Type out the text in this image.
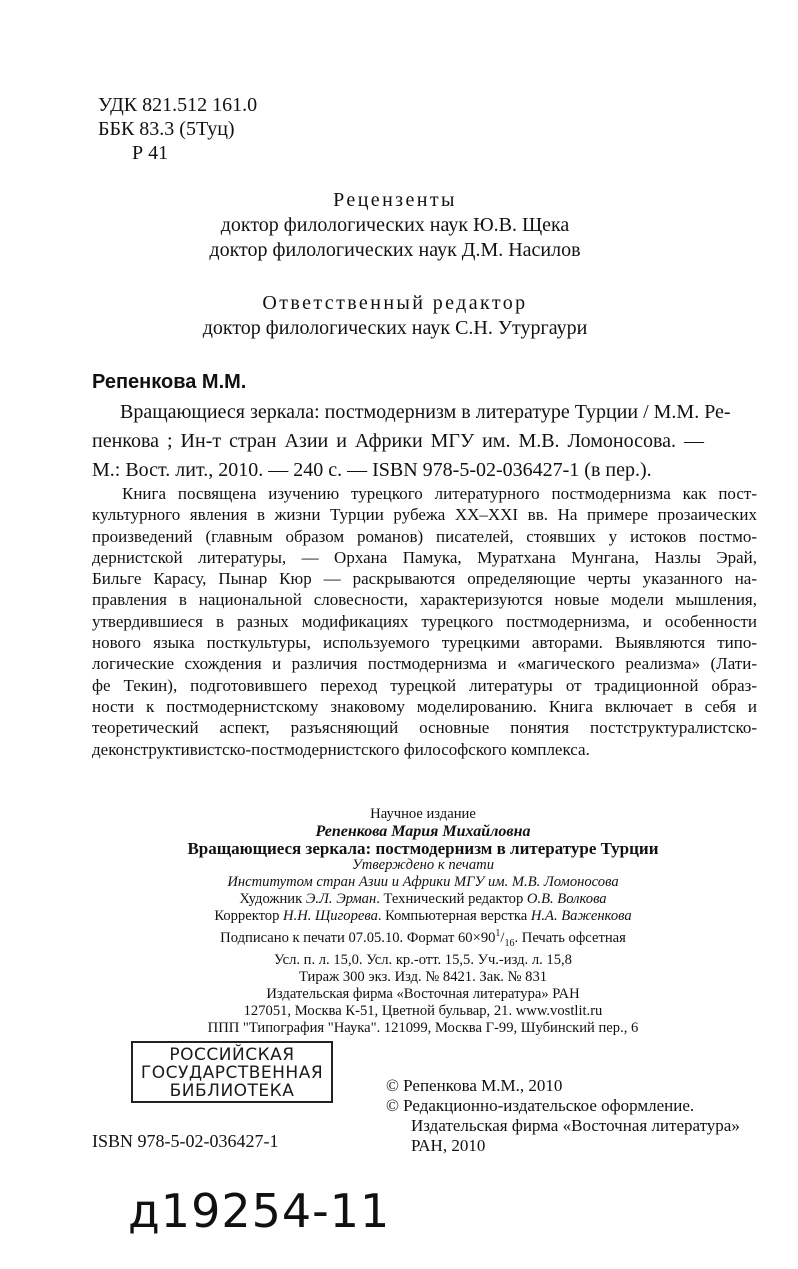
УДК 821.512 161.0
ББК 83.3 (5Туц)
Р 41
Рецензенты
доктор филологических наук Ю.В. Щека
доктор филологических наук Д.М. Насилов
Ответственный редактор
доктор филологических наук С.Н. Утургаури
Репенкова М.М.

Вращающиеся зеркала: постмодернизм в литературе Турции / М.М. Ре-

пенкова ; Ин-т стран Азии и Африки МГУ им. М.В. Ломоносова. —

М.: Вост. лит., 2010. — 240 с. — ISBN 978-5-02-036427-1 (в пер.).

Книга посвящена изучению турецкого литературного постмодернизма как пост-

культурного явления в жизни Турции рубежа XX–XXI вв. На примере прозаических

произведений (главным образом романов) писателей, стоявших у истоков постмо-

дернистской литературы, — Орхана Памука, Муратхана Мунгана, Назлы Эрай,

Бильге Карасу, Пынар Кюр — раскрываются определяющие черты указанного на-

правления в национальной словесности, характеризуются новые модели мышления,

утвердившиеся в разных модификациях турецкого постмодернизма, и особенности

нового языка посткультуры, используемого турецкими авторами. Выявляются типо-

логические схождения и различия постмодернизма и «магического реализма» (Лати-

фе Текин), подготовившего переход турецкой литературы от традиционной образ-

ности к постмодернистскому знаковому моделированию. Книга включает в себя и

теоретический аспект, разъясняющий основные понятия постструктуралистско-

деконструктивистско-постмодернистского философского комплекса.

Научное издание
Репенкова Мария Михайловна
Вращающиеся зеркала: постмодернизм в литературе Турции
Утверждено к печати
Институтом стран Азии и Африки МГУ им. М.В. Ломоносова
Художник Э.Л. Эрман. Технический редактор О.В. Волкова
Корректор Н.Н. Щигорева. Компьютерная верстка Н.А. Важенкова
Подписано к печати 07.05.10. Формат $60\times 90^1/_{16}$. Печать офсетная
Усл. п. л. 15,0. Усл. кр.-отт. 15,5. Уч.-изд. л. 15,8
Тираж 300 экз. Изд. № 8421. Зак. № 831
Издательская фирма «Восточная литература» РАН
127051, Москва К-51, Цветной бульвар, 21. www.vostlit.ru
ППП "Типография "Наука". 121099, Москва Г-99, Шубинский пер., 6
РОССИЙСКАЯ
ГОСУДАРСТВЕННАЯ
БИБЛИОТЕКА	© Репенкова М.М., 2010
© Редакционно-издательское оформление.
Издательская фирма «Восточная литература»
РАН, 2010
ISBN 978-5-02-036427-1
д19254-11
